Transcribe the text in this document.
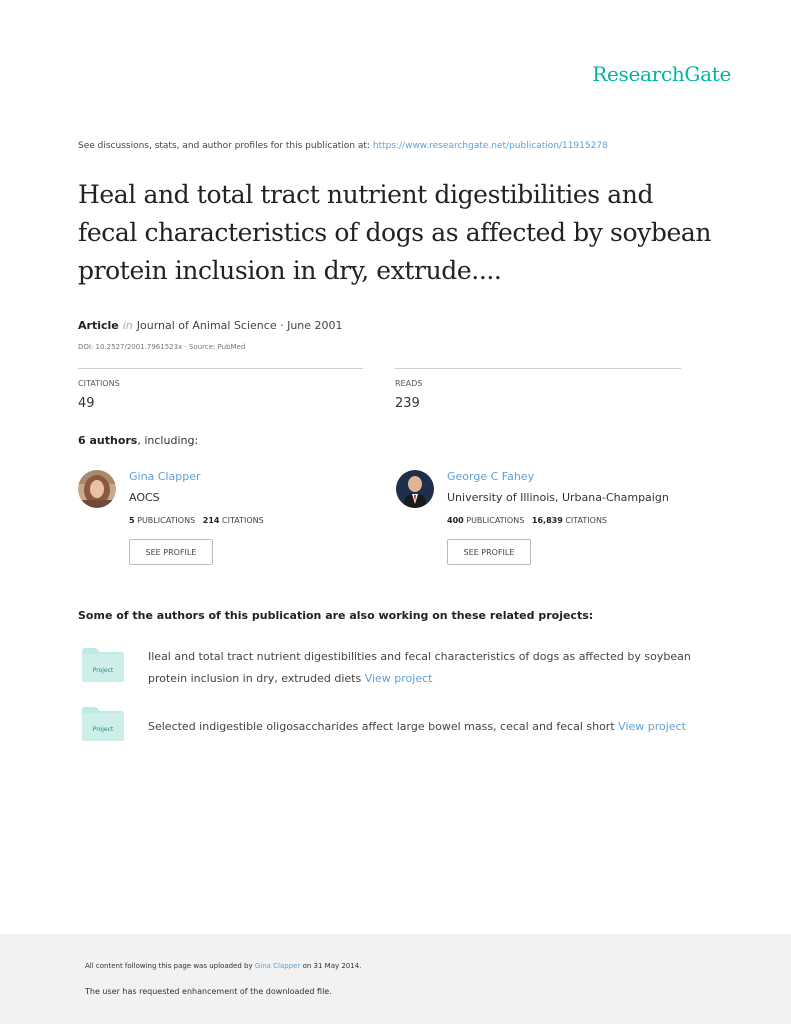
ResearchGate
See discussions, stats, and author profiles for this publication at: https://www.researchgate.net/publication/11915278
Heal and total tract nutrient digestibilities and fecal characteristics of dogs as affected by soybean protein inclusion in dry, extrude....
Article in Journal of Animal Science · June 2001
DOI: 10.2527/2001.7961523x · Source: PubMed
CITATIONS
49
READS
239
6 authors, including:
Gina Clapper
AOCS
5 PUBLICATIONS 214 CITATIONS
SEE PROFILE
George C Fahey
University of Illinois, Urbana-Champaign
400 PUBLICATIONS 16,839 CITATIONS
SEE PROFILE
Some of the authors of this publication are also working on these related projects:
Project
Ileal and total tract nutrient digestibilities and fecal characteristics of dogs as affected by soybean protein inclusion in dry, extruded diets View project
Project	Selected indigestible oligosaccharides affect large bowel mass, cecal and fecal short View project
All content following this page was uploaded by Gina Clapper on 31 May 2014.
The user has requested enhancement of the downloaded file.
